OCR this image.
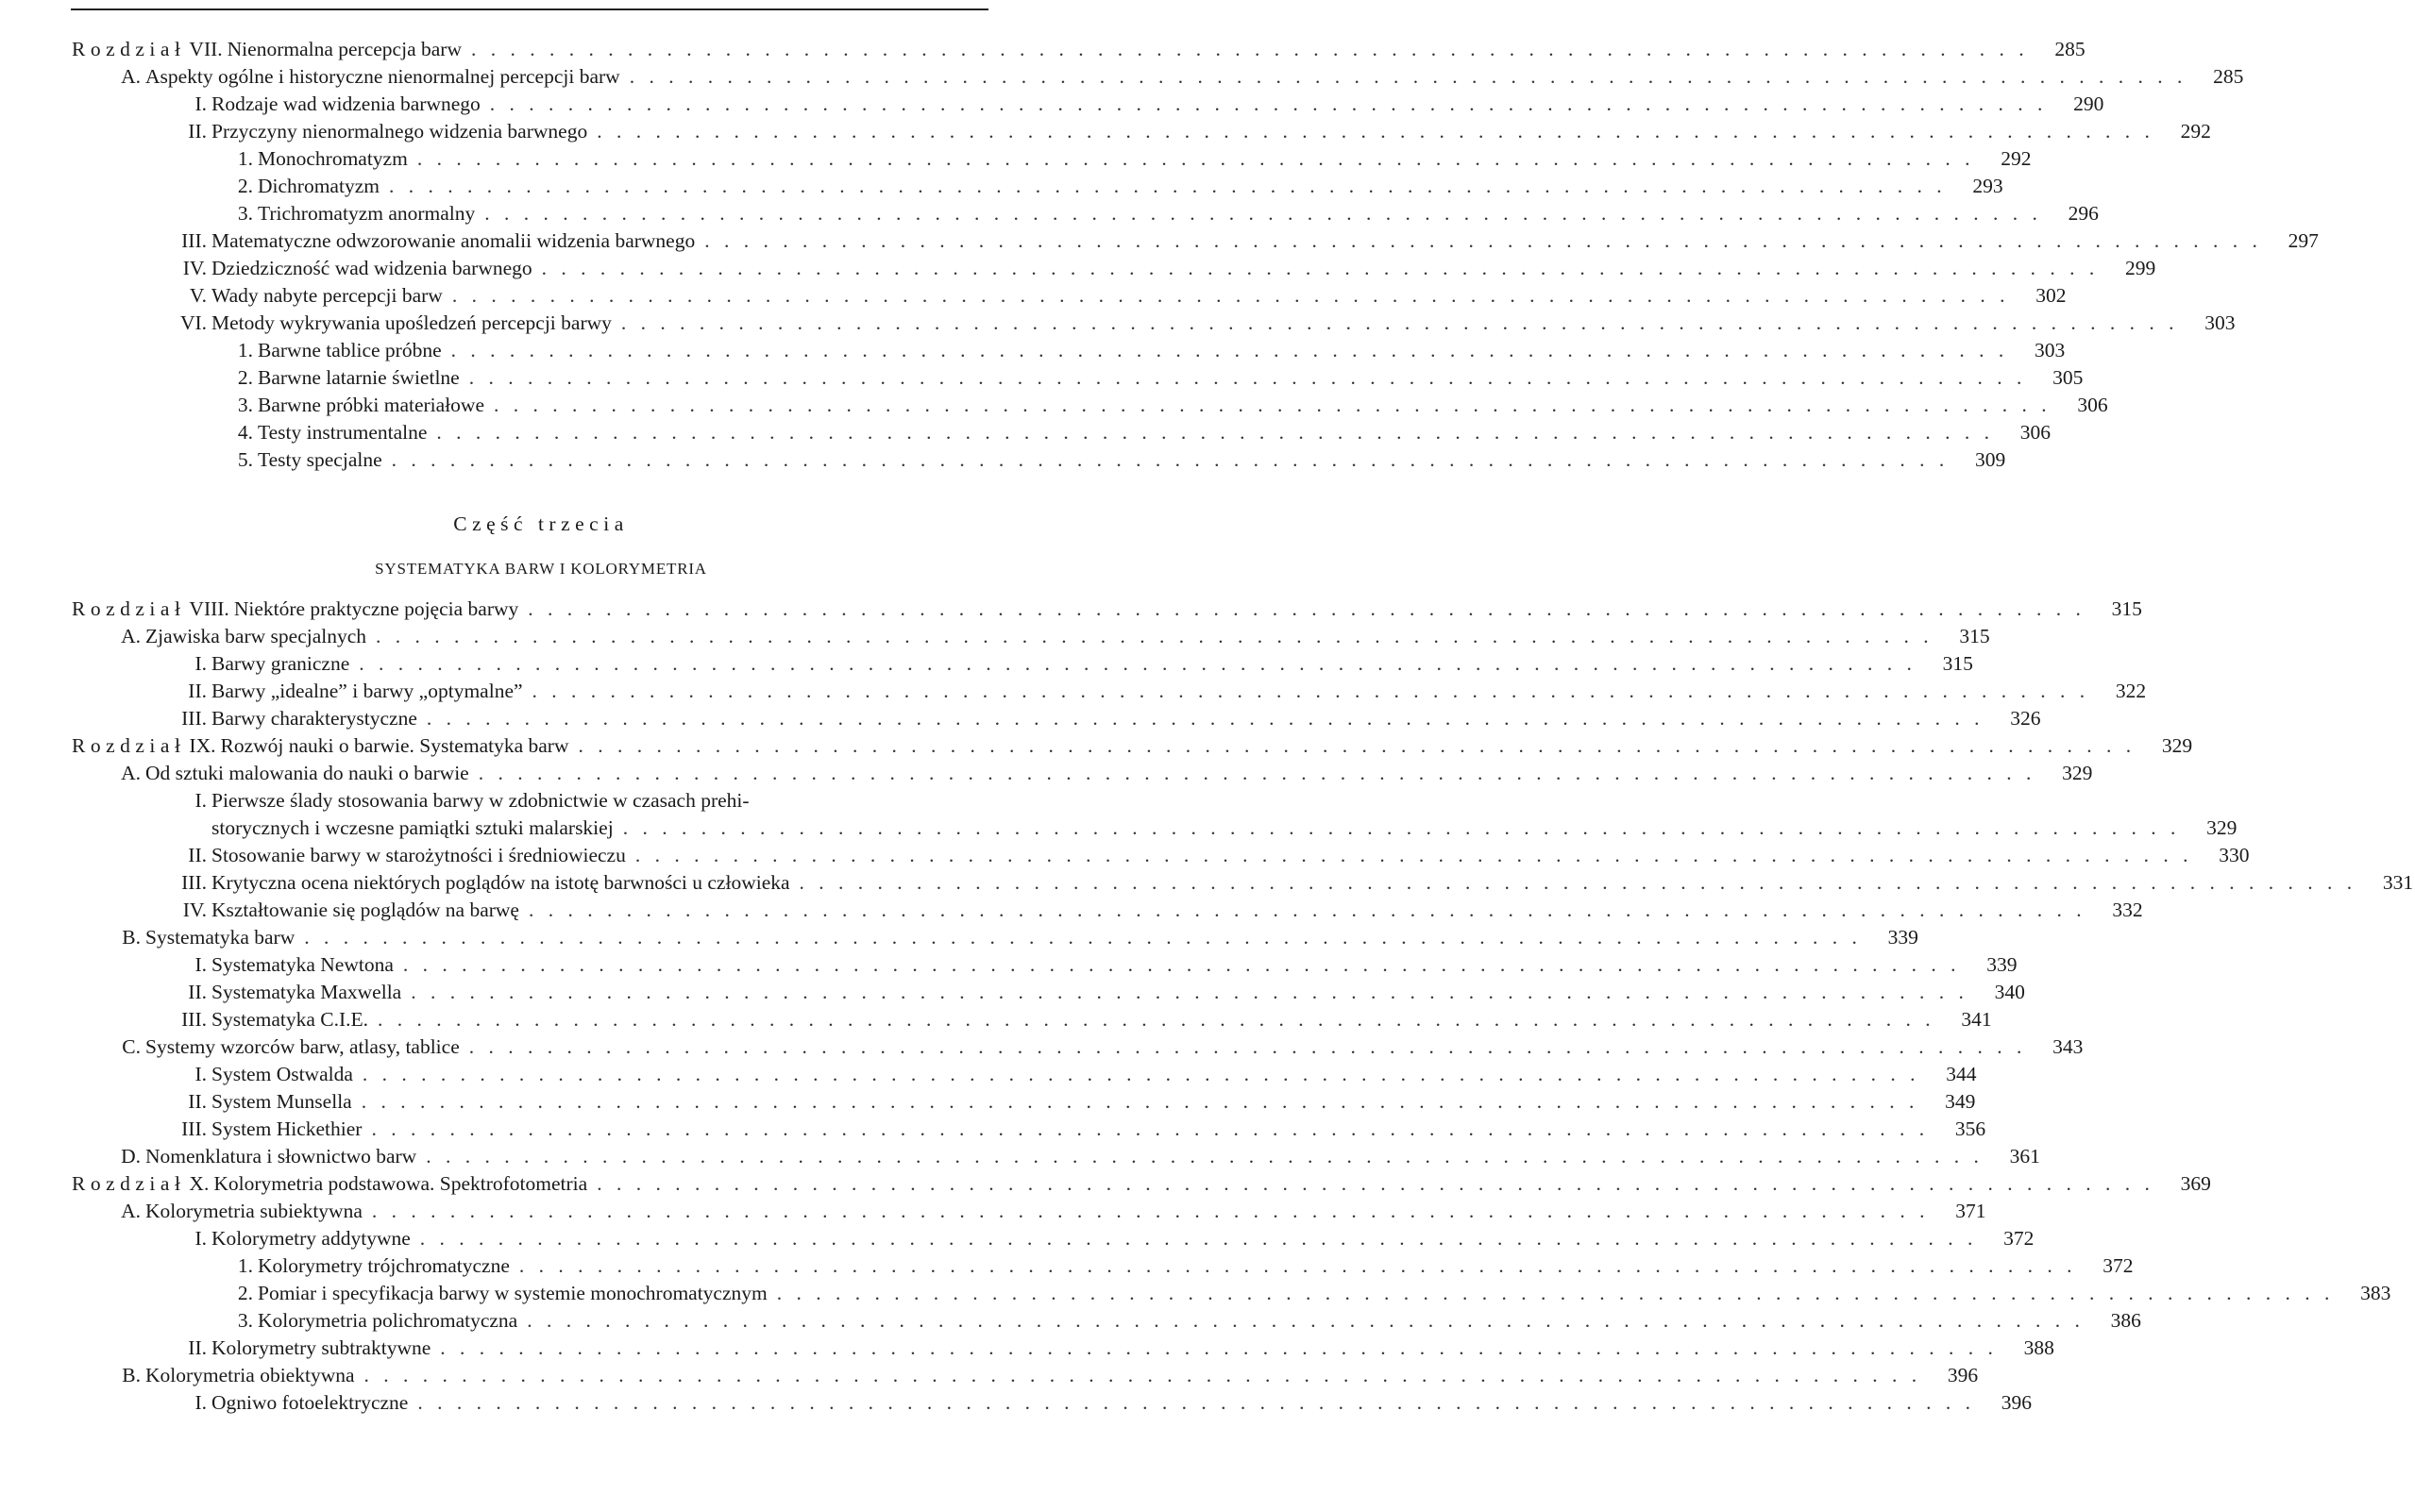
Rozdział VII. Nienormalna percepcja barw . . . . . . . . . . . . . . . . . . . . . . . . . . . . . . . . . . . . . . . . . . . . . . . . . . . . . . . . . . . . . . . . . . . . . . . . . . . . . . . .	285
A. Aspekty ogólne i historyczne nienormalnej percepcji barw . . . . . . . . . . . . . . . . . . . . . . . . . . . . . . . . . . . . . . . . . . . . . . . . . . . . . . . . . . . . . . . . . . . . . . . . . . . . . . . .	285
I. Rodzaje wad widzenia barwnego . . . . . . . . . . . . . . . . . . . . . . . . . . . . . . . . . . . . . . . . . . . . . . . . . . . . . . . . . . . . . . . . . . . . . . . . . . . . . . . .	290
II. Przyczyny nienormalnego widzenia barwnego . . . . . . . . . . . . . . . . . . . . . . . . . . . . . . . . . . . . . . . . . . . . . . . . . . . . . . . . . . . . . . . . . . . . . . . . . . . . . . . .	292
1. Monochromatyzm . . . . . . . . . . . . . . . . . . . . . . . . . . . . . . . . . . . . . . . . . . . . . . . . . . . . . . . . . . . . . . . . . . . . . . . . . . . . . . . .	292
2. Dichromatyzm . . . . . . . . . . . . . . . . . . . . . . . . . . . . . . . . . . . . . . . . . . . . . . . . . . . . . . . . . . . . . . . . . . . . . . . . . . . . . . . .	293
3. Trichromatyzm anormalny . . . . . . . . . . . . . . . . . . . . . . . . . . . . . . . . . . . . . . . . . . . . . . . . . . . . . . . . . . . . . . . . . . . . . . . . . . . . . . . .	296
III. Matematyczne odwzorowanie anomalii widzenia barwnego . . . . . . . . . . . . . . . . . . . . . . . . . . . . . . . . . . . . . . . . . . . . . . . . . . . . . . . . . . . . . . . . . . . . . . . . . . . . . . . .	297
IV. Dziedziczność wad widzenia barwnego . . . . . . . . . . . . . . . . . . . . . . . . . . . . . . . . . . . . . . . . . . . . . . . . . . . . . . . . . . . . . . . . . . . . . . . . . . . . . . . .	299
V. Wady nabyte percepcji barw . . . . . . . . . . . . . . . . . . . . . . . . . . . . . . . . . . . . . . . . . . . . . . . . . . . . . . . . . . . . . . . . . . . . . . . . . . . . . . . .	302
VI. Metody wykrywania upośledzeń percepcji barwy . . . . . . . . . . . . . . . . . . . . . . . . . . . . . . . . . . . . . . . . . . . . . . . . . . . . . . . . . . . . . . . . . . . . . . . . . . . . . . . .	303
1. Barwne tablice próbne . . . . . . . . . . . . . . . . . . . . . . . . . . . . . . . . . . . . . . . . . . . . . . . . . . . . . . . . . . . . . . . . . . . . . . . . . . . . . . . .	303
2. Barwne latarnie świetlne . . . . . . . . . . . . . . . . . . . . . . . . . . . . . . . . . . . . . . . . . . . . . . . . . . . . . . . . . . . . . . . . . . . . . . . . . . . . . . . .	305
3. Barwne próbki materiałowe . . . . . . . . . . . . . . . . . . . . . . . . . . . . . . . . . . . . . . . . . . . . . . . . . . . . . . . . . . . . . . . . . . . . . . . . . . . . . . . .	306
4. Testy instrumentalne . . . . . . . . . . . . . . . . . . . . . . . . . . . . . . . . . . . . . . . . . . . . . . . . . . . . . . . . . . . . . . . . . . . . . . . . . . . . . . . .	306
5. Testy specjalne . . . . . . . . . . . . . . . . . . . . . . . . . . . . . . . . . . . . . . . . . . . . . . . . . . . . . . . . . . . . . . . . . . . . . . . . . . . . . . . .	309
Rozdział VIII. Niektóre praktyczne pojęcia barwy . . . . . . . . . . . . . . . . . . . . . . . . . . . . . . . . . . . . . . . . . . . . . . . . . . . . . . . . . . . . . . . . . . . . . . . . . . . . . . . .	315
A. Zjawiska barw specjalnych . . . . . . . . . . . . . . . . . . . . . . . . . . . . . . . . . . . . . . . . . . . . . . . . . . . . . . . . . . . . . . . . . . . . . . . . . . . . . . . .	315
I. Barwy graniczne . . . . . . . . . . . . . . . . . . . . . . . . . . . . . . . . . . . . . . . . . . . . . . . . . . . . . . . . . . . . . . . . . . . . . . . . . . . . . . . .	315
II. Barwy „idealne” i barwy „optymalne” . . . . . . . . . . . . . . . . . . . . . . . . . . . . . . . . . . . . . . . . . . . . . . . . . . . . . . . . . . . . . . . . . . . . . . . . . . . . . . . .	322
III. Barwy charakterystyczne . . . . . . . . . . . . . . . . . . . . . . . . . . . . . . . . . . . . . . . . . . . . . . . . . . . . . . . . . . . . . . . . . . . . . . . . . . . . . . . .	326
Rozdział IX. Rozwój nauki o barwie. Systematyka barw . . . . . . . . . . . . . . . . . . . . . . . . . . . . . . . . . . . . . . . . . . . . . . . . . . . . . . . . . . . . . . . . . . . . . . . . . . . . . . . .	329
A. Od sztuki malowania do nauki o barwie . . . . . . . . . . . . . . . . . . . . . . . . . . . . . . . . . . . . . . . . . . . . . . . . . . . . . . . . . . . . . . . . . . . . . . . . . . . . . . . .	329
I. Pierwsze ślady stosowania barwy w zdobnictwie w czasach prehi-
storycznych i wczesne pamiątki sztuki malarskiej . . . . . . . . . . . . . . . . . . . . . . . . . . . . . . . . . . . . . . . . . . . . . . . . . . . . . . . . . . . . . . . . . . . . . . . . . . . . . . . .	329
II. Stosowanie barwy w starożytności i średniowieczu . . . . . . . . . . . . . . . . . . . . . . . . . . . . . . . . . . . . . . . . . . . . . . . . . . . . . . . . . . . . . . . . . . . . . . . . . . . . . . . .	330
III. Krytyczna ocena niektórych poglądów na istotę barwności u człowieka . . . . . . . . . . . . . . . . . . . . . . . . . . . . . . . . . . . . . . . . . . . . . . . . . . . . . . . . . . . . . . . . . . . . . . . . . . . . . . . .	331
IV. Kształtowanie się poglądów na barwę . . . . . . . . . . . . . . . . . . . . . . . . . . . . . . . . . . . . . . . . . . . . . . . . . . . . . . . . . . . . . . . . . . . . . . . . . . . . . . . .	332
B. Systematyka barw . . . . . . . . . . . . . . . . . . . . . . . . . . . . . . . . . . . . . . . . . . . . . . . . . . . . . . . . . . . . . . . . . . . . . . . . . . . . . . . .	339
I. Systematyka Newtona . . . . . . . . . . . . . . . . . . . . . . . . . . . . . . . . . . . . . . . . . . . . . . . . . . . . . . . . . . . . . . . . . . . . . . . . . . . . . . . .	339
II. Systematyka Maxwella . . . . . . . . . . . . . . . . . . . . . . . . . . . . . . . . . . . . . . . . . . . . . . . . . . . . . . . . . . . . . . . . . . . . . . . . . . . . . . . .	340
III. Systematyka C.I.E. . . . . . . . . . . . . . . . . . . . . . . . . . . . . . . . . . . . . . . . . . . . . . . . . . . . . . . . . . . . . . . . . . . . . . . . . . . . . . . . .	341
C. Systemy wzorców barw, atlasy, tablice . . . . . . . . . . . . . . . . . . . . . . . . . . . . . . . . . . . . . . . . . . . . . . . . . . . . . . . . . . . . . . . . . . . . . . . . . . . . . . . .	343
I. System Ostwalda . . . . . . . . . . . . . . . . . . . . . . . . . . . . . . . . . . . . . . . . . . . . . . . . . . . . . . . . . . . . . . . . . . . . . . . . . . . . . . . .	344
II. System Munsella . . . . . . . . . . . . . . . . . . . . . . . . . . . . . . . . . . . . . . . . . . . . . . . . . . . . . . . . . . . . . . . . . . . . . . . . . . . . . . . .	349
III. System Hickethier . . . . . . . . . . . . . . . . . . . . . . . . . . . . . . . . . . . . . . . . . . . . . . . . . . . . . . . . . . . . . . . . . . . . . . . . . . . . . . . .	356
D. Nomenklatura i słownictwo barw . . . . . . . . . . . . . . . . . . . . . . . . . . . . . . . . . . . . . . . . . . . . . . . . . . . . . . . . . . . . . . . . . . . . . . . . . . . . . . . .	361
Rozdział X. Kolorymetria podstawowa. Spektrofotometria . . . . . . . . . . . . . . . . . . . . . . . . . . . . . . . . . . . . . . . . . . . . . . . . . . . . . . . . . . . . . . . . . . . . . . . . . . . . . . . .	369
A. Kolorymetria subiektywna . . . . . . . . . . . . . . . . . . . . . . . . . . . . . . . . . . . . . . . . . . . . . . . . . . . . . . . . . . . . . . . . . . . . . . . . . . . . . . . .	371
I. Kolorymetry addytywne . . . . . . . . . . . . . . . . . . . . . . . . . . . . . . . . . . . . . . . . . . . . . . . . . . . . . . . . . . . . . . . . . . . . . . . . . . . . . . . .	372
1. Kolorymetry trójchromatyczne . . . . . . . . . . . . . . . . . . . . . . . . . . . . . . . . . . . . . . . . . . . . . . . . . . . . . . . . . . . . . . . . . . . . . . . . . . . . . . . .	372
2. Pomiar i specyfikacja barwy w systemie monochromatycznym . . . . . . . . . . . . . . . . . . . . . . . . . . . . . . . . . . . . . . . . . . . . . . . . . . . . . . . . . . . . . . . . . . . . . . . . . . . . . . . .	383
3. Kolorymetria polichromatyczna . . . . . . . . . . . . . . . . . . . . . . . . . . . . . . . . . . . . . . . . . . . . . . . . . . . . . . . . . . . . . . . . . . . . . . . . . . . . . . . .	386
II. Kolorymetry subtraktywne . . . . . . . . . . . . . . . . . . . . . . . . . . . . . . . . . . . . . . . . . . . . . . . . . . . . . . . . . . . . . . . . . . . . . . . . . . . . . . . .	388
B. Kolorymetria obiektywna . . . . . . . . . . . . . . . . . . . . . . . . . . . . . . . . . . . . . . . . . . . . . . . . . . . . . . . . . . . . . . . . . . . . . . . . . . . . . . . .	396
I. Ogniwo fotoelektryczne . . . . . . . . . . . . . . . . . . . . . . . . . . . . . . . . . . . . . . . . . . . . . . . . . . . . . . . . . . . . . . . . . . . . . . . . . . . . . . . .	396
Część trzecia
SYSTEMATYKA BARW I KOLORYMETRIA
